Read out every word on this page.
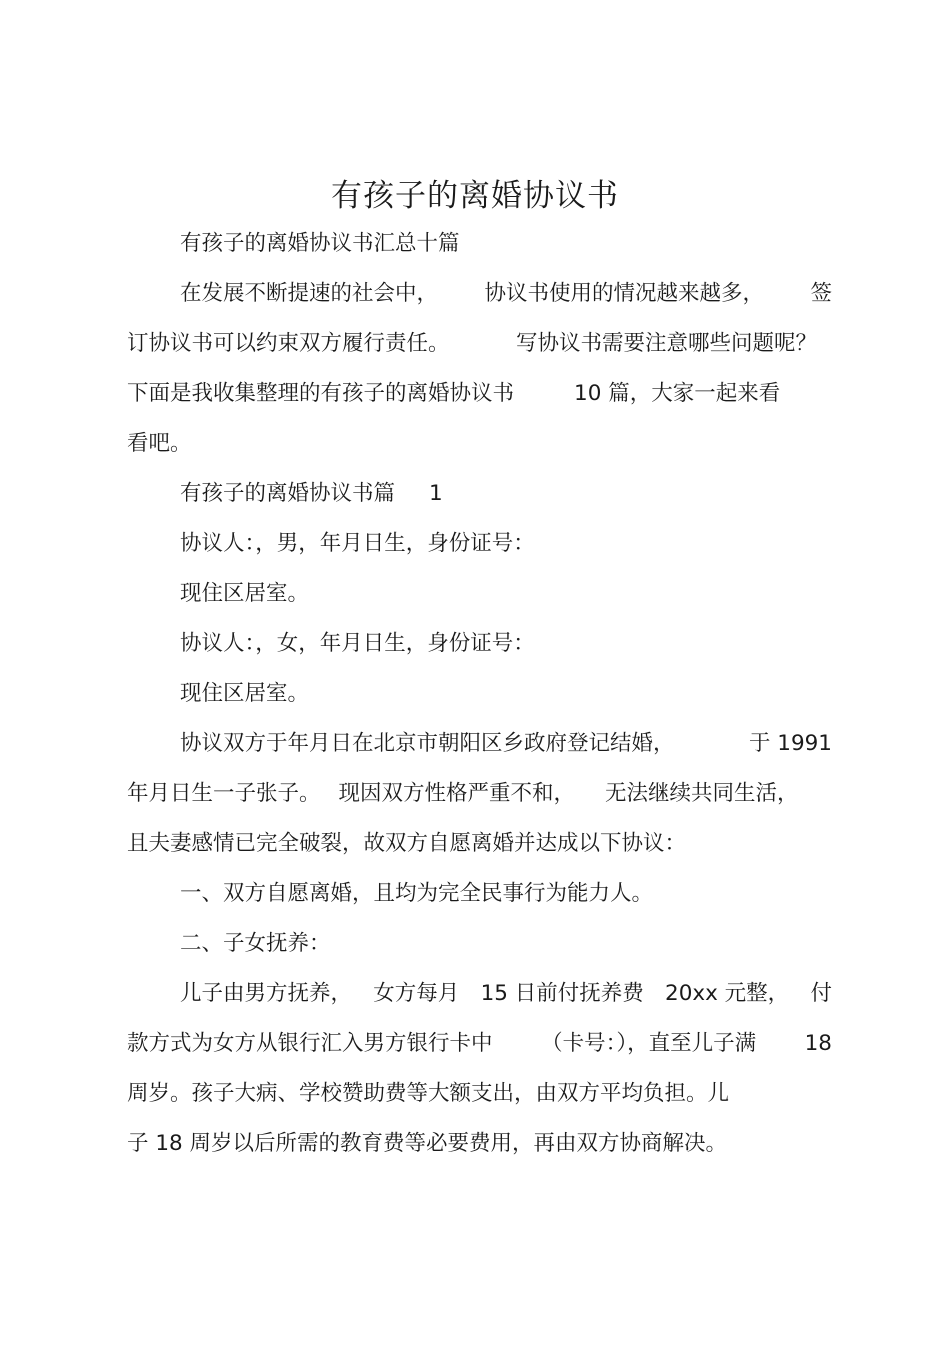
有孩子的离婚协议书

有孩子的离婚协议书汇总十篇

在发展不断提速的社会中， 协议书使用的情况越来越多， 签

订协议书可以约束双方履行责任。	写协议书需要注意哪些问题呢？

下面是我收集整理的有孩子的离婚协议书	10 篇，大家一起来看

看吧。

有孩子的离婚协议书篇 1

协议人：，男，年月日生，身份证号：

现住区居室。

协议人：，女，年月日生，身份证号：

现住区居室。

协议双方于年月日在北京市朝阳区乡政府登记结婚，	于 1991

年月日生一子张子。 现因双方性格严重不和， 无法继续共同生活，

且夫妻感情已完全破裂，故双方自愿离婚并达成以下协议：

一、双方自愿离婚，且均为完全民事行为能力人。

二、子女抚养：

儿子由男方抚养， 女方每月 15 日前付抚养费 20xx 元整， 付

款方式为女方从银行汇入男方银行卡中 （卡号：），直至儿子满 18

周岁。孩子大病、学校赞助费等大额支出，由双方平均负担。儿

子 18 周岁以后所需的教育费等必要费用，再由双方协商解决。
